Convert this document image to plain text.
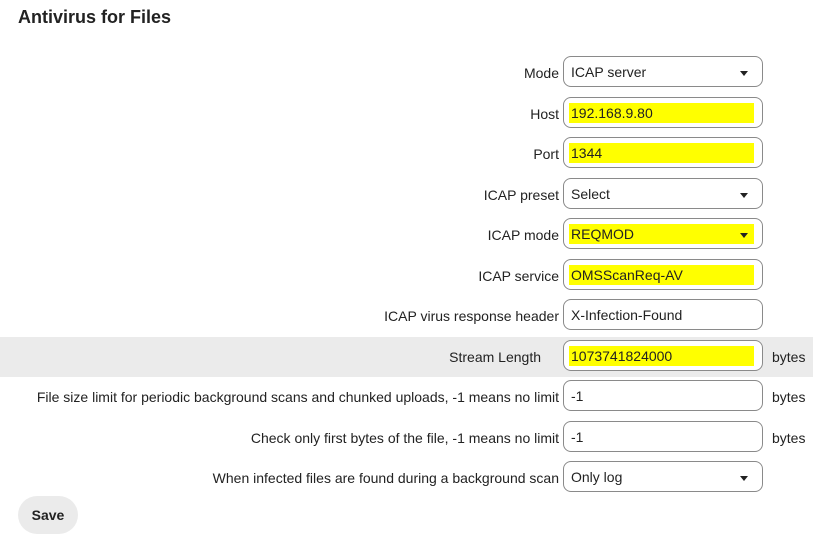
Antivirus for Files
Mode ICAP server
Host 192.168.9.80
Port 1344
ICAP preset Select
ICAP mode REQMOD
ICAP service OMSScanReq-AV
ICAP virus response header X-Infection-Found
Stream Length 1073741824000	bytes
File size limit for periodic background scans and chunked uploads, -1 means no limit -1	bytes
Check only first bytes of the file, -1 means no limit -1	bytes
When infected files are found during a background scan Only log
Save
